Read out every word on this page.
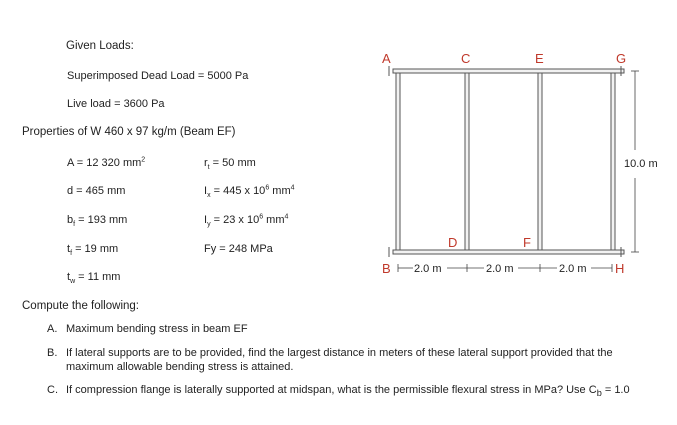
Given Loads:
Superimposed Dead Load = 5000 Pa
Live load = 3600 Pa
Properties of W 460 x 97 kg/m (Beam EF)
A = 12 320 $mm^2$	$r_t = 50$ mm
d = 465 mm	$I_x = 445$ x $10^6$ $mm^4$
$b_f = 193$ mm	$I_y = 23$ x $10^6$ $mm^4$
$t_f = 19$ mm	Fy = 248 MPa
$t_w = 11$ mm
Compute the following:
A. Maximum bending stress in beam EF
B. If lateral supports are to be provided, find the largest distance in meters of these lateral support provided that the maximum allowable bending stress is attained.
C. If compression flange is laterally supported at midspan, what is the permissible flexural stress in MPa? Use $C_b = 1.0$
2.0 m	2.0 m	2.0 m
10.0 m
A	C	E	G
B
D	F
H
